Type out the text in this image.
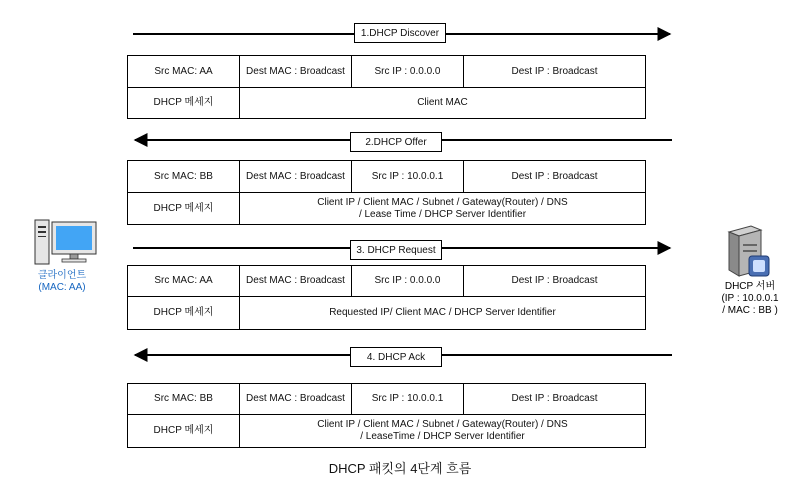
1.DHCP Discover
2.DHCP Offer
3. DHCP Request
4. DHCP Ack
Src MAC: AA	Dest MAC : Broadcast	Src IP : 0.0.0.0	Dest IP : Broadcast
DHCP 메세지	Client MAC		
Src MAC: BB	Dest MAC : Broadcast	Src IP : 10.0.0.1	Dest IP : Broadcast
DHCP 메세지	Client IP / Client MAC / Subnet / Gateway(Router) / DNS
/ Lease Time / DHCP Server Identifier		
Src MAC: AA	Dest MAC : Broadcast	Src IP : 0.0.0.0	Dest IP : Broadcast
DHCP 메세지	Requested IP/ Client MAC / DHCP Server Identifier		
Src MAC: BB	Dest MAC : Broadcast	Src IP : 10.0.0.1	Dest IP : Broadcast
DHCP 메세지	Client IP / Client MAC / Subnet / Gateway(Router) / DNS
/ LeaseTime / DHCP Server Identifier		
클라이언트
(MAC: AA)	DHCP 서버
(IP : 10.0.0.1
/ MAC : BB )
DHCP 패킷의 4단계 흐름
